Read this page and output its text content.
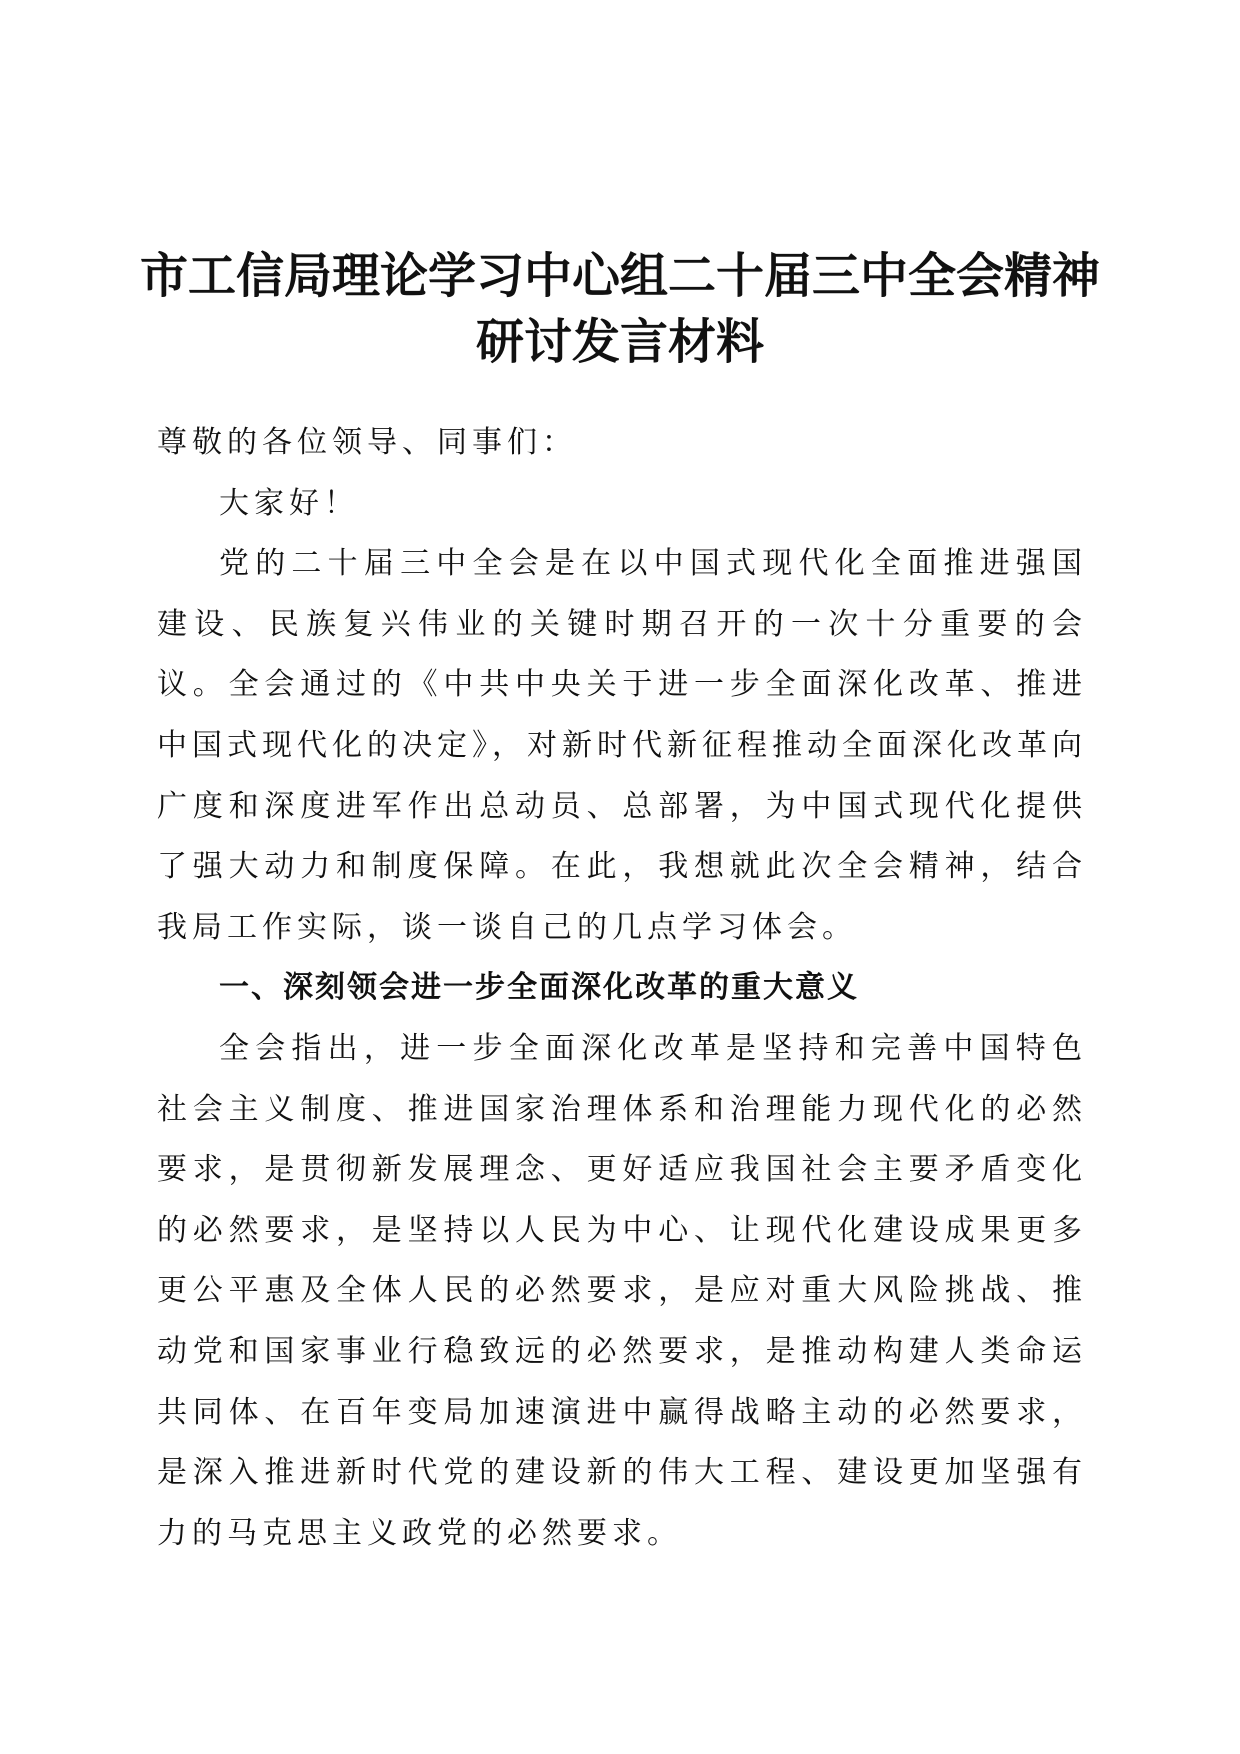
市工信局理论学习中心组二十届三中全会精神
研讨发言材料

尊敬的各位领导、同事们：

大家好！

党的二十届三中全会是在以中国式现代化全面推进强国建设、民族复兴伟业的关键时期召开的一次十分重要的会议。全会通过的《中共中央关于进一步全面深化改革、推进中国式现代化的决定》，对新时代新征程推动全面深化改革向广度和深度进军作出总动员、总部署，为中国式现代化提供了强大动力和制度保障。在此，我想就此次全会精神，结合我局工作实际，谈一谈自己的几点学习体会。

一、深刻领会进一步全面深化改革的重大意义

全会指出，进一步全面深化改革是坚持和完善中国特色社会主义制度、推进国家治理体系和治理能力现代化的必然要求，是贯彻新发展理念、更好适应我国社会主要矛盾变化的必然要求，是坚持以人民为中心、让现代化建设成果更多更公平惠及全体人民的必然要求，是应对重大风险挑战、推动党和国家事业行稳致远的必然要求，是推动构建人类命运共同体、在百年变局加速演进中赢得战略主动的必然要求，是深入推进新时代党的建设新的伟大工程、建设更加坚强有力的马克思主义政党的必然要求。
